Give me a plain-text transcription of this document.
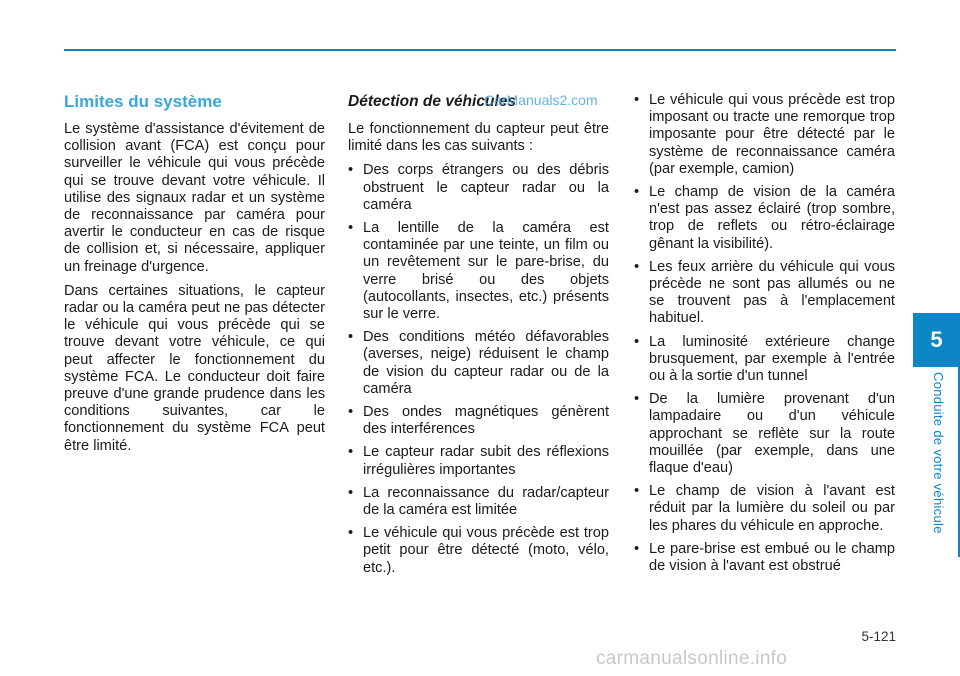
Limites du système

Le système d'assistance d'évitement de collision avant (FCA) est conçu pour surveiller le véhicule qui vous précède qui se trouve devant votre véhicule. Il utilise des signaux radar et un système de reconnaissance par caméra pour avertir le conducteur en cas de risque de collision et, si nécessaire, appliquer un freinage d'urgence.

Dans certaines situations, le capteur radar ou la caméra peut ne pas détecter le véhicule qui vous précède qui se trouve devant votre véhicule, ce qui peut affecter le fonctionnement du système FCA. Le conducteur doit faire preuve d'une grande prudence dans les conditions suivantes, car le fonctionnement du système FCA peut être limité.

Détection de véhicules

Le fonctionnement du capteur peut être limité dans les cas suivants :

• Des corps étrangers ou des débris obstruent le capteur radar ou la caméra
• La lentille de la caméra est contaminée par une teinte, un film ou un revêtement sur le pare-brise, du verre brisé ou des objets (autocollants, insectes, etc.) présents sur le verre.
• Des conditions météo défavorables (averses, neige) réduisent le champ de vision du capteur radar ou de la caméra
• Des ondes magnétiques génèrent des interférences
• Le capteur radar subit des réflexions irrégulières importantes
• La reconnaissance du radar/capteur de la caméra est limitée
• Le véhicule qui vous précède est trop petit pour être détecté (moto, vélo, etc.).
• Le véhicule qui vous précède est trop imposant ou tracte une remorque trop imposante pour être détecté par le système de reconnaissance caméra (par exemple, camion)
• Le champ de vision de la caméra n'est pas assez éclairé (trop sombre, trop de reflets ou rétro-éclairage gênant la visibilité).
• Les feux arrière du véhicule qui vous précède ne sont pas allumés ou ne se trouvent pas à l'emplacement habituel.
• La luminosité extérieure change brusquement, par exemple à l'entrée ou à la sortie d'un tunnel
• De la lumière provenant d'un lampadaire ou d'un véhicule approchant se reflète sur la route mouillée (par exemple, dans une flaque d'eau)
• Le champ de vision à l'avant est réduit par la lumière du soleil ou par les phares du véhicule en approche.
• Le pare-brise est embué ou le champ de vision à l'avant est obstrué
CarManuals2.com
5
Conduite de votre véhicule
5-121
carmanualsonline.info
